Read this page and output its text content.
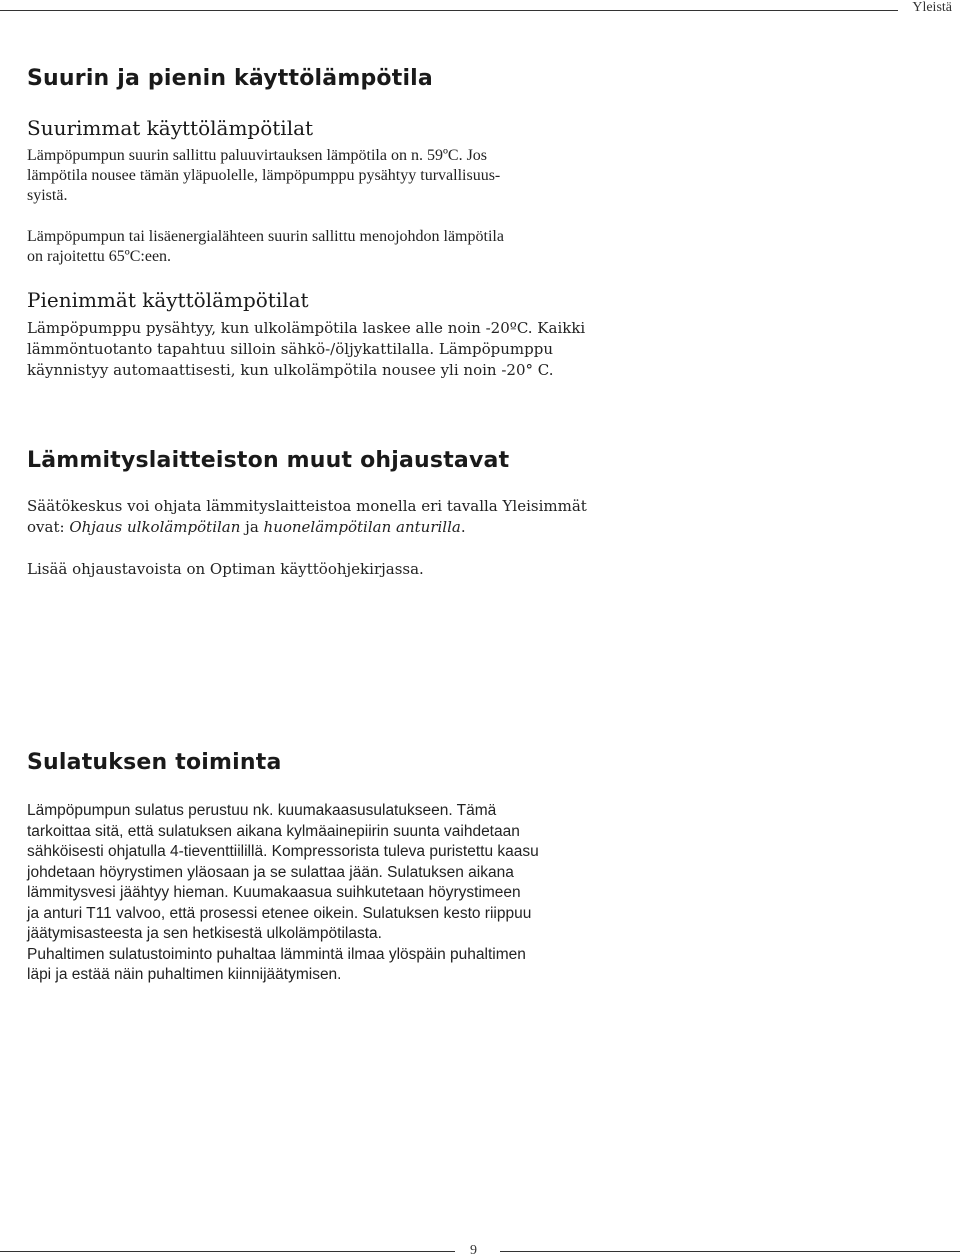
Yleistä
Suurin ja pienin käyttölämpötila
Suurimmat käyttölämpötilat

Lämpöpumpun suurin sallittu paluuvirtauksen lämpötila on n. 59ºC. Jos
lämpötila nousee tämän yläpuolelle, lämpöpumppu pysähtyy turvallisuus-
syistä.

Lämpöpumpun tai lisäenergialähteen suurin sallittu menojohdon lämpötila
on rajoitettu 65ºC:een.

Pienimmät käyttölämpötilat

Lämpöpumppu pysähtyy, kun ulkolämpötila laskee alle noin -20ºC. Kaikki
lämmöntuotanto tapahtuu silloin sähkö-/öljykattilalla. Lämpöpumppu
käynnistyy automaattisesti, kun ulkolämpötila nousee yli noin -20° C.

Lämmityslaitteiston muut ohjaustavat

Säätökeskus voi ohjata lämmityslaitteistoa monella eri tavalla Yleisimmät
ovat: Ohjaus ulkolämpötilan ja huonelämpötilan anturilla.

Lisää ohjaustavoista on Optiman käyttöohjekirjassa.

Sulatuksen toiminta

Lämpöpumpun sulatus perustuu nk. kuumakaasusulatukseen. Tämä
tarkoittaa sitä, että sulatuksen aikana kylmäainepiirin suunta vaihdetaan
sähköisesti ohjatulla 4-tieventtiilillä. Kompressorista tuleva puristettu kaasu
johdetaan höyrystimen yläosaan ja se sulattaa jään. Sulatuksen aikana
lämmitysvesi jäähtyy hieman. Kuumakaasua suihkutetaan höyrystimeen
ja anturi T11 valvoo, että prosessi etenee oikein. Sulatuksen kesto riippuu
jäätymisasteesta ja sen hetkisestä ulkolämpötilasta.
Puhaltimen sulatustoiminto puhaltaa lämmintä ilmaa ylöspäin puhaltimen
läpi ja estää näin puhaltimen kiinnijäätymisen.

9
